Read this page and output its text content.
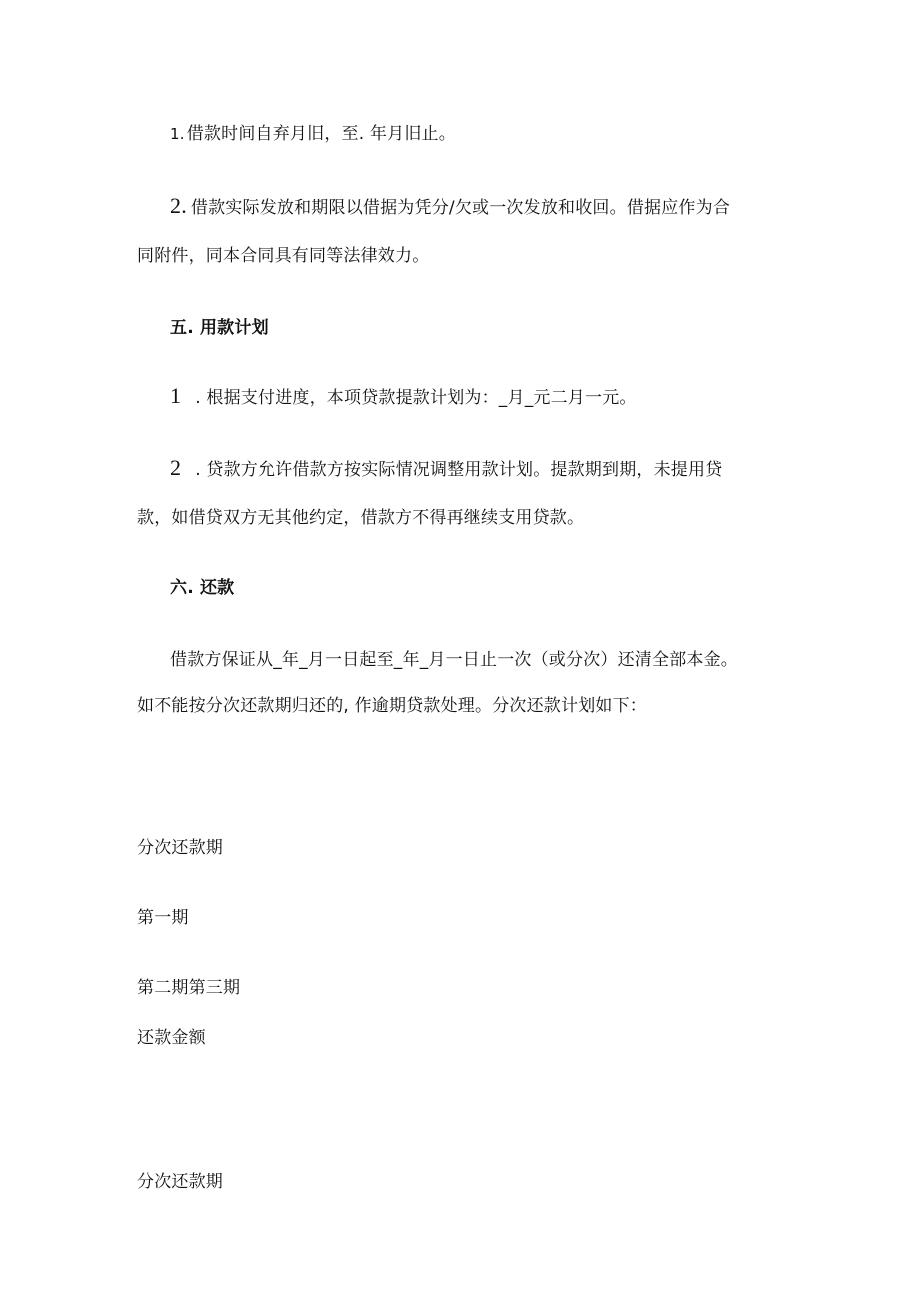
1. 借款时间自弃月旧，至. 年月旧止。
2. 借款实际发放和期限以借据为凭分/欠或一次发放和收回。借据应作为合
同附件，同本合同具有同等法律效力。
五. 用款计划
1 . 根据支付进度，本项贷款提款计划为：_月_元二月一元。
2 . 贷款方允许借款方按实际情况调整用款计划。提款期到期，未提用贷
款，如借贷双方无其他约定，借款方不得再继续支用贷款。
六. 还款
借款方保证从_年_月一日起至_年_月一日止一次（或分次）还清全部本金。
如不能按分次还款期归还的, 作逾期贷款处理。分次还款计划如下：
分次还款期
第一期
第二期第三期
还款金额
分次还款期
